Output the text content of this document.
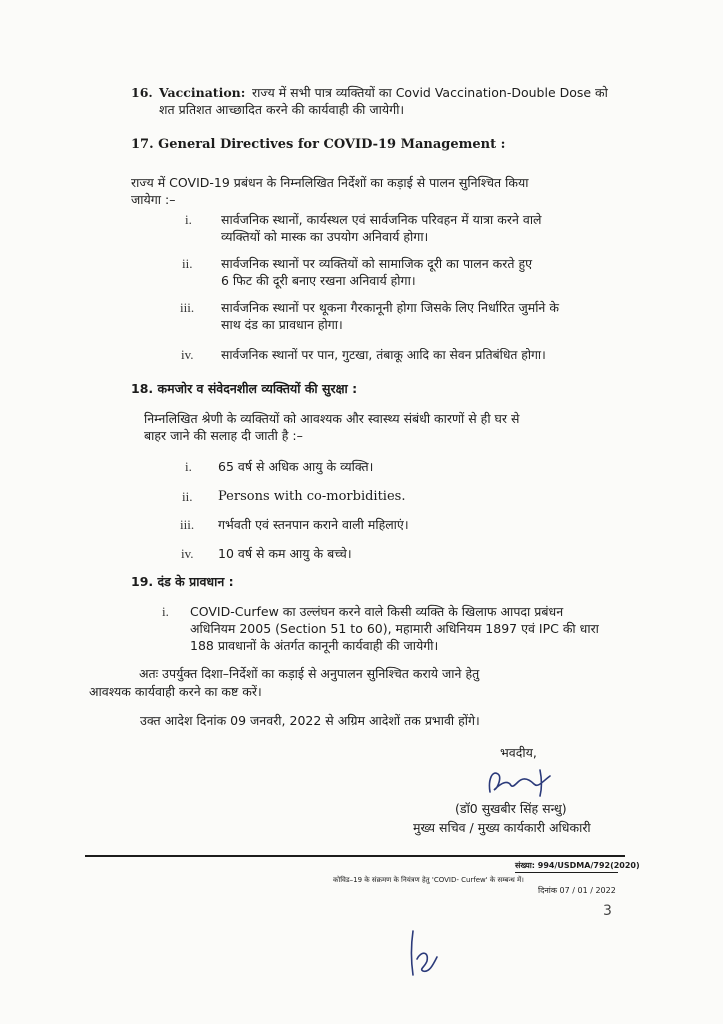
16. Vaccination: राज्य में सभी पात्र व्यक्तियों का Covid Vaccination-Double Dose को
शत प्रतिशत आच्छादित करने की कार्यवाही की जायेगी।
17. General Directives for COVID-19 Management :
राज्य में COVID-19 प्रबंधन के निम्नलिखित निर्देशों का कड़ाई से पालन सुनिश्चित किया
जायेगा :–
i. सार्वजनिक स्थानों, कार्यस्थल एवं सार्वजनिक परिवहन में यात्रा करने वाले
व्यक्तियों को मास्क का उपयोग अनिवार्य होगा।
ii. सार्वजनिक स्थानों पर व्यक्तियों को सामाजिक दूरी का पालन करते हुए
6 फिट की दूरी बनाए रखना अनिवार्य होगा।
iii. सार्वजनिक स्थानों पर थूकना गैरकानूनी होगा जिसके लिए निर्धारित जुर्माने के
साथ दंड का प्रावधान होगा।
iv. सार्वजनिक स्थानों पर पान, गुटखा, तंबाकू आदि का सेवन प्रतिबंधित होगा।
18. कमजोर व संवेदनशील व्यक्तियों की सुरक्षा :
निम्नलिखित श्रेणी के व्यक्तियों को आवश्यक और स्वास्थ्य संबंधी कारणों से ही घर से
बाहर जाने की सलाह दी जाती है :–
i. 65 वर्ष से अधिक आयु के व्यक्ति।
ii. Persons with co-morbidities.
iii. गर्भवती एवं स्तनपान कराने वाली महिलाएं।
iv. 10 वर्ष से कम आयु के बच्चे।
19. दंड के प्रावधान :
i. COVID-Curfew का उल्लंघन करने वाले किसी व्यक्ति के खिलाफ आपदा प्रबंधन
अधिनियम 2005 (Section 51 to 60), महामारी अधिनियम 1897 एवं IPC की धारा
188 प्रावधानों के अंतर्गत कानूनी कार्यवाही की जायेगी।
अतः उपर्युक्त दिशा–निर्देशों का कड़ाई से अनुपालन सुनिश्चित कराये जाने हेतु
आवश्यक कार्यवाही करने का कष्ट करें।
उक्त आदेश दिनांक 09 जनवरी, 2022 से अग्रिम आदेशों तक प्रभावी होंगे।
भवदीय,
(डॉ0 सुखबीर सिंह सन्धु)
मुख्य सचिव / मुख्य कार्यकारी अधिकारी
संख्या: 994/USDMA/792(2020)
कोविड–19 के संक्रमण के नियंत्रण हेतु 'COVID- Curfew' के सम्बन्ध में।
दिनांक 07 / 01 / 2022
3
